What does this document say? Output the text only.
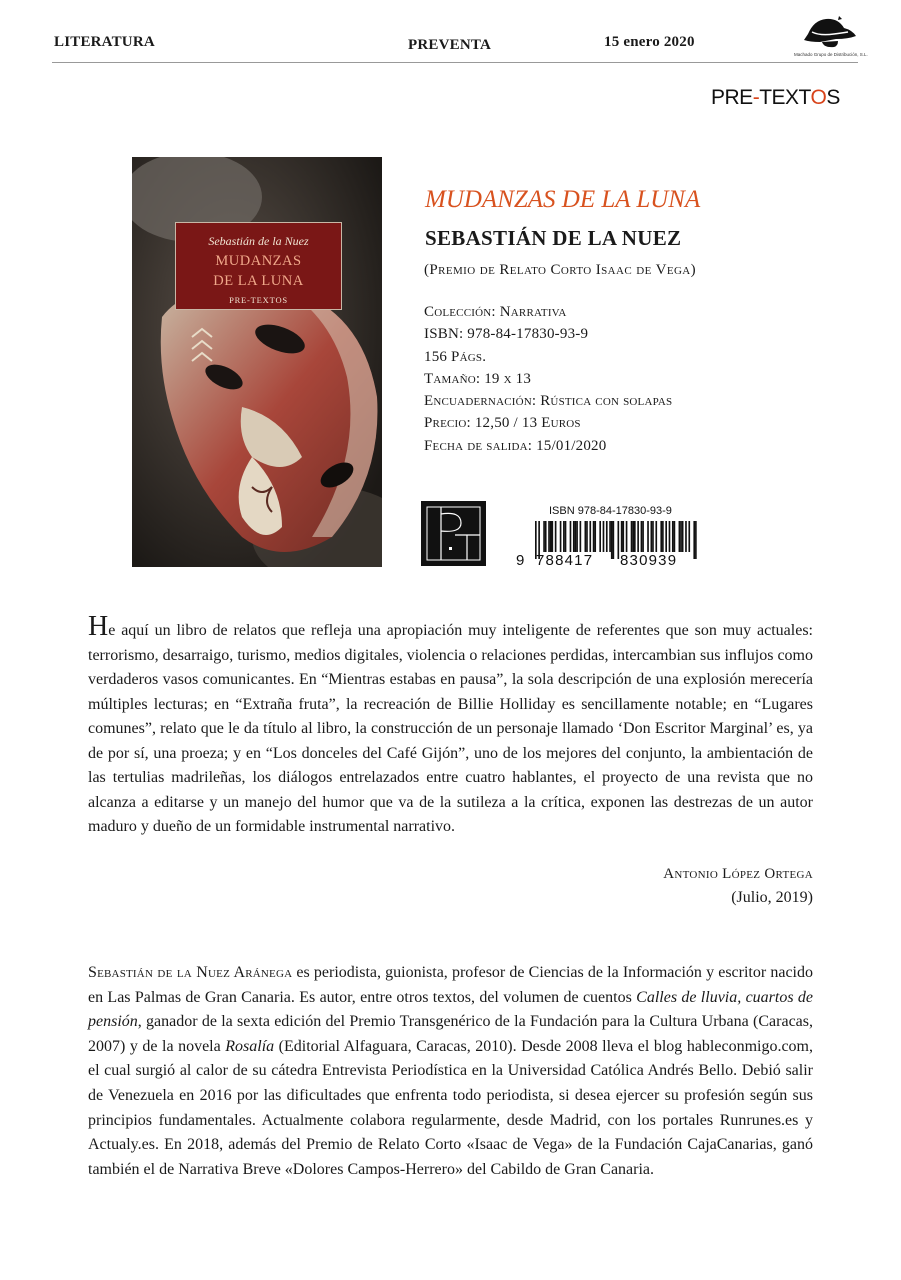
LITERATURA	PREVENTA	15 enero 2020
Machado Grupo de Distribución, S.L.
PRE-TEXTOS
Sebastián de la Nuez
MUDANZAS
DE LA LUNA
PRE-TEXTOS
MUDANZAS DE LA LUNA
SEBASTIÁN DE LA NUEZ
(Premio de Relato Corto Isaac de Vega)
Colección: Narrativa
ISBN: 978-84-17830-93-9
156 Págs.
Tamaño: 19 x 13
Encuadernación: Rústica con solapas
Precio: 12,50 / 13 Euros
Fecha de salida: 15/01/2020
ISBN 978-84-17830-93-9
9 788417 830939
He aquí un libro de relatos que refleja una apropiación muy inteligente de referentes que son muy actuales: terrorismo, desarraigo, turismo, medios digitales, violencia o relaciones perdidas, intercambian sus influjos como verdaderos vasos comunicantes. En “Mientras estabas en pausa”, la sola descripción de una explosión merecería múltiples lecturas; en “Extraña fruta”, la recreación de Billie Holliday es sencillamente notable; en “Lugares comunes”, relato que le da título al libro, la construcción de un personaje llamado ‘Don Escritor Marginal’ es, ya de por sí, una proeza; y en “Los donceles del Café Gijón”, uno de los mejores del conjunto, la ambientación de las tertulias madrileñas, los diálogos entrelazados entre cuatro hablantes, el proyecto de una revista que no alcanza a editarse y un manejo del humor que va de la sutileza a la crítica, exponen las destrezas de un autor maduro y dueño de un formidable instrumental narrativo.
Antonio López Ortega
(Julio, 2019)
Sebastián de la Nuez Aránega es periodista, guionista, profesor de Ciencias de la Información y escritor nacido en Las Palmas de Gran Canaria. Es autor, entre otros textos, del volumen de cuentos Calles de lluvia, cuartos de pensión, ganador de la sexta edición del Premio Transgenérico de la Fundación para la Cultura Urbana (Caracas, 2007) y de la novela Rosalía (Editorial Alfaguara, Caracas, 2010). Desde 2008 lleva el blog hableconmigo.com, el cual surgió al calor de su cátedra Entrevista Periodística en la Universidad Católica Andrés Bello. Debió salir de Venezuela en 2016 por las dificultades que enfrenta todo periodista, si desea ejercer su profesión según sus principios fundamentales. Actualmente colabora regularmente, desde Madrid, con los portales Runrunes.es y Actualy.es. En 2018, además del Premio de Relato Corto «Isaac de Vega» de la Fundación CajaCanarias, ganó también el de Narrativa Breve «Dolores Campos-Herrero» del Cabildo de Gran Canaria.
